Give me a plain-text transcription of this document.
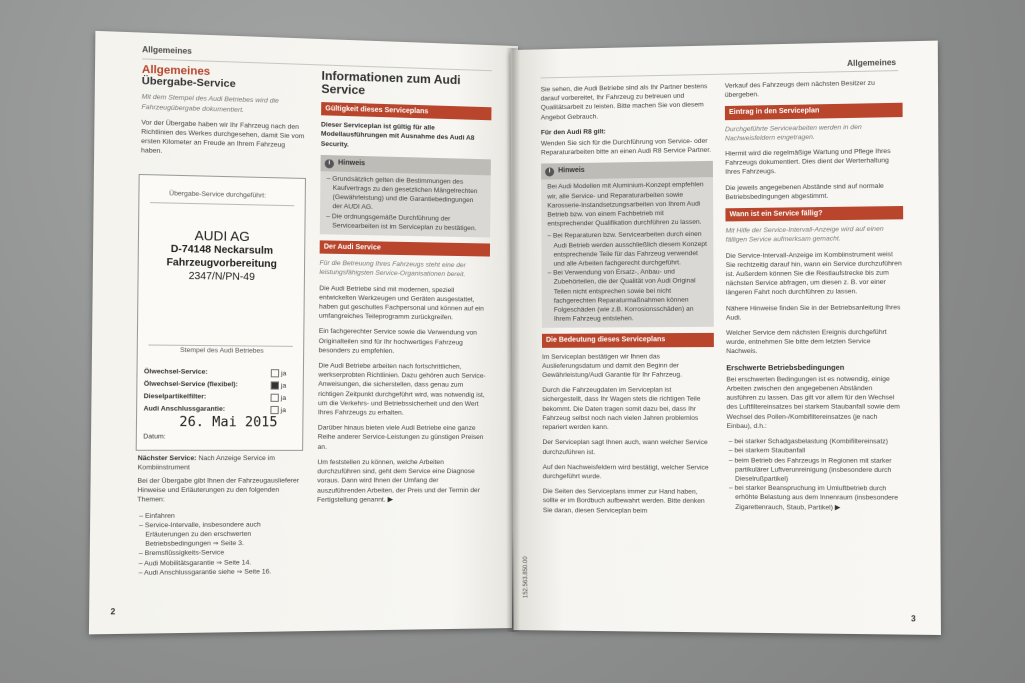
Allgemeines
Allgemeines
Übergabe-Service

Mit dem Stempel des Audi Betriebes wird die Fahrzeugübergabe dokumentiert.

Vor der Übergabe haben wir Ihr Fahrzeug nach den Richtlinien des Werkes durchgesehen, damit Sie vom ersten Kilometer an Freude an Ihrem Fahrzeug haben.

Übergabe-Service durchgeführt:
AUDI AG
D-74148 Neckarsulm
Fahrzeugvorbereitung
2347/N/PN-49
Stempel des Audi Betriebes
Ölwechsel-Service:	ja
Ölwechsel-Service (flexibel):	ja
Dieselpartikelfilter:	ja
Audi Anschlussgarantie:	ja
26. Mai 2015
Datum:
Nächster Service: Nach Anzeige Service im Kombiinstrument

Bei der Übergabe gibt Ihnen der Fahrzeugauslieferer Hinweise und Erläuterungen zu den folgenden Themen:

– Einfahren
– Service-Intervalle, insbesondere auch Erläuterungen zu den erschwerten Betriebsbedingungen ⇒ Seite 3.
– Bremsflüssigkeits-Service
– Audi Mobilitätsgarantie ⇒ Seite 14.
– Audi Anschlussgarantie siehe ⇒ Seite 16.
Informationen zum Audi Service
Gültigkeit dieses Serviceplans

Dieser Serviceplan ist gültig für alle Modellausführungen mit Ausnahme des Audi A8 Security.

i Hinweis
– Grundsätzlich gelten die Bestimmungen des Kaufvertrags zu den gesetzlichen Mängelrechten (Gewährleistung) und die Garantiebedingungen der AUDI AG.
– Die ordnungsgemäße Durchführung der Servicearbeiten ist im Serviceplan zu bestätigen.
Der Audi Service

Für die Betreuung Ihres Fahrzeugs steht eine der leistungsfähigsten Service-Organisationen bereit.

Die Audi Betriebe sind mit modernen, speziell entwickelten Werkzeugen und Geräten ausgestattet, haben gut geschultes Fachpersonal und können auf ein umfangreiches Teileprogramm zurückgreifen.

Ein fachgerechter Service sowie die Verwendung von Originalteilen sind für Ihr hochwertiges Fahrzeug besonders zu empfehlen.

Die Audi Betriebe arbeiten nach fortschrittlichen, werkserprobten Richtlinien. Dazu gehören auch Service-Anweisungen, die sicherstellen, dass genau zum richtigen Zeitpunkt durchgeführt wird, was notwendig ist, um die Verkehrs- und Betriebssicherheit und den Wert Ihres Fahrzeugs zu erhalten.

Darüber hinaus bieten viele Audi Betriebe eine ganze Reihe anderer Service-Leistungen zu günstigen Preisen an.

Um feststellen zu können, welche Arbeiten durchzuführen sind, geht dem Service eine Diagnose voraus. Dann wird Ihnen der Umfang der auszuführenden Arbeiten, der Preis und der Termin der Fertigstellung genannt. ▶

2
Allgemeines

Sie sehen, die Audi Betriebe sind als Ihr Partner bestens darauf vorbereitet, Ihr Fahrzeug zu betreuen und Qualitätsarbeit zu leisten. Bitte machen Sie von diesem Angebot Gebrauch.

Für den Audi R8 gilt:

Wenden Sie sich für die Durchführung von Service- oder Reparaturarbeiten bitte an einen Audi R8 Service Partner.

i Hinweis
Bei Audi Modellen mit Aluminium-Konzept empfehlen wir, alle Service- und Reparaturarbeiten sowie Karosserie-Instandsetzungsarbeiten von Ihrem Audi Betrieb bzw. von einem Fachbetrieb mit entsprechender Qualifikation durchführen zu lassen.
– Bei Reparaturen bzw. Servicearbeiten durch einen Audi Betrieb werden ausschließlich diesem Konzept entsprechende Teile für das Fahrzeug verwendet und alle Arbeiten fachgerecht durchgeführt.
– Bei Verwendung von Ersatz-, Anbau- und Zubehörteilen, die der Qualität von Audi Original Teilen nicht entsprechen sowie bei nicht fachgerechten Reparaturmaßnahmen können Folgeschäden (wie z.B. Korrosionsschäden) an Ihrem Fahrzeug entstehen.
Die Bedeutung dieses Serviceplans

Im Serviceplan bestätigen wir Ihnen das Auslieferungsdatum und damit den Beginn der Gewährleistung/Audi Garantie für Ihr Fahrzeug.

Durch die Fahrzeugdaten im Serviceplan ist sichergestellt, dass Ihr Wagen stets die richtigen Teile bekommt. Die Daten tragen somit dazu bei, dass Ihr Fahrzeug selbst noch nach vielen Jahren problemlos repariert werden kann.

Der Serviceplan sagt Ihnen auch, wann welcher Service durchzuführen ist.

Auf den Nachweisfeldern wird bestätigt, welcher Service durchgeführt wurde.

Die Seiten des Serviceplans immer zur Hand haben, sollte er im Bordbuch aufbewahrt werden. Bitte denken Sie daran, diesen Serviceplan beim

152.563.850.00

Verkauf des Fahrzeugs dem nächsten Besitzer zu übergeben.

Eintrag in den Serviceplan

Durchgeführte Servicearbeiten werden in den Nachweisfeldern eingetragen.

Hiermit wird die regelmäßige Wartung und Pflege Ihres Fahrzeugs dokumentiert. Dies dient der Werterhaltung Ihres Fahrzeugs.

Die jeweils angegebenen Abstände sind auf normale Betriebsbedingungen abgestimmt.

Wann ist ein Service fällig?

Mit Hilfe der Service-Intervall-Anzeige wird auf einen fälligen Service aufmerksam gemacht.

Die Service-Intervall-Anzeige im Kombiinstrument weist Sie rechtzeitig darauf hin, wann ein Service durchzuführen ist. Außerdem können Sie die Restlaufstrecke bis zum nächsten Service abfragen, um diesen z. B. vor einer längeren Fahrt noch durchführen zu lassen.

Nähere Hinweise finden Sie in der Betriebsanleitung Ihres Audi.

Welcher Service dem nächsten Ereignis durchgeführt wurde, entnehmen Sie bitte dem letzten Service Nachweis.

Erschwerte Betriebsbedingungen

Bei erschwerten Bedingungen ist es notwendig, einige Arbeiten zwischen den angegebenen Abständen ausführen zu lassen. Das gilt vor allem für den Wechsel des Luftfiltereinsatzes bei starkem Staubanfall sowie dem Wechsel des Pollen-/Kombifiltereinsatzes (je nach Einbau), d.h.:

– bei starker Schadgasbelastung (Kombifiltereinsatz)
– bei starkem Staubanfall
– beim Betrieb des Fahrzeugs in Regionen mit starker partikulärer Luftverunreinigung (insbesondere durch Dieselrußpartikel)
– bei starker Beanspruchung im Umluftbetrieb durch erhöhte Belastung aus dem Innenraum (insbesondere Zigarettenrauch, Staub, Partikel) ▶
3
